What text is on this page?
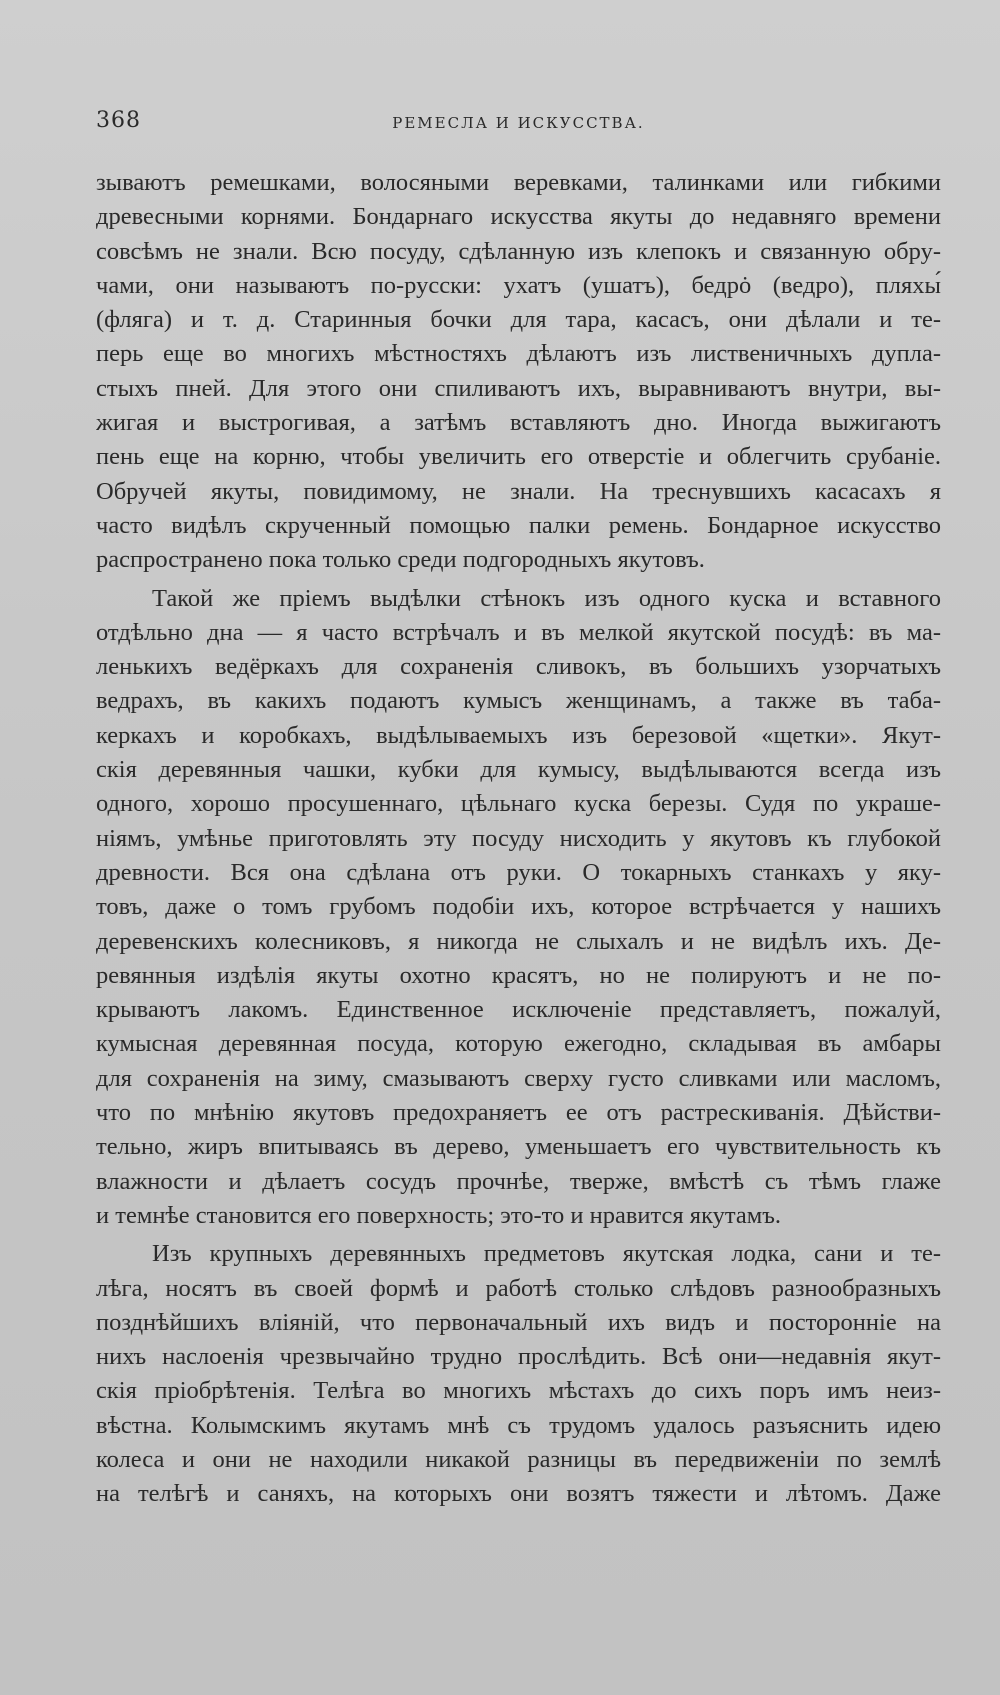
368	РЕМЕСЛА И ИСКУССТВА.
зываютъ ремешками, волосяными веревками, талинками или гибкими
древесными корнями. Бондарнаго искусства якуты до недавняго времени
совсѣмъ не знали. Всю посуду, сдѣланную изъ клепокъ и связанную обру-
чами, они называютъ по-русски: ухатъ (ушатъ), бедрȯ (ведро), пляхы́
(фляга) и т. д. Старинныя бочки для тара, касасъ, они дѣлали и те-
перь еще во многихъ мѣстностяхъ дѣлаютъ изъ лиственичныхъ дупла-
стыхъ пней. Для этого они спиливаютъ ихъ, выравниваютъ внутри, вы-
жигая и выстрогивая, а затѣмъ вставляютъ дно. Иногда выжигаютъ
пень еще на корню, чтобы увеличить его отверстіе и облегчить срубаніе.
Обручей якуты, повидимому, не знали. На треснувшихъ касасахъ я
часто видѣлъ скрученный помощью палки ремень. Бондарное искусство
распространено пока только среди подгородныхъ якутовъ.
Такой же пріемъ выдѣлки стѣнокъ изъ одного куска и вставного
отдѣльно дна — я часто встрѣчалъ и въ мелкой якутской посудѣ: въ ма-
ленькихъ ведёркахъ для сохраненія сливокъ, въ большихъ узорчатыхъ
ведрахъ, въ какихъ подаютъ кумысъ женщинамъ, а также въ таба-
керкахъ и коробкахъ, выдѣлываемыхъ изъ березовой «щетки». Якут-
скія деревянныя чашки, кубки для кумысу, выдѣлываются всегда изъ
одного, хорошо просушеннаго, цѣльнаго куска березы. Судя по украше-
ніямъ, умѣнье приготовлять эту посуду нисходить у якутовъ къ глубокой
древности. Вся она сдѣлана отъ руки. О токарныхъ станкахъ у яку-
товъ, даже о томъ грубомъ подобіи ихъ, которое встрѣчается у нашихъ
деревенскихъ колесниковъ, я никогда не слыхалъ и не видѣлъ ихъ. Де-
ревянныя издѣлія якуты охотно красятъ, но не полируютъ и не по-
крываютъ лакомъ. Единственное исключеніе представляетъ, пожалуй,
кумысная деревянная посуда, которую ежегодно, складывая въ амбары
для сохраненія на зиму, смазываютъ сверху густо сливками или масломъ,
что по мнѣнію якутовъ предохраняетъ ее отъ растрескиванія. Дѣйстви-
тельно, жиръ впитываясь въ дерево, уменьшаетъ его чувствительность къ
влажности и дѣлаетъ сосудъ прочнѣе, тверже, вмѣстѣ съ тѣмъ глаже
и темнѣе становится его поверхность; это-то и нравится якутамъ.
Изъ крупныхъ деревянныхъ предметовъ якутская лодка, сани и те-
лѣга, носятъ въ своей формѣ и работѣ столько слѣдовъ разнообразныхъ
позднѣйшихъ вліяній, что первоначальный ихъ видъ и посторонніе на
нихъ наслоенія чрезвычайно трудно прослѣдить. Всѣ они—недавнія якут-
скія пріобрѣтенія. Телѣга во многихъ мѣстахъ до сихъ поръ имъ неиз-
вѣстна. Колымскимъ якутамъ мнѣ съ трудомъ удалось разъяснить идею
колеса и они не находили никакой разницы въ передвиженіи по землѣ
на телѣгѣ и саняхъ, на которыхъ они возятъ тяжести и лѣтомъ. Даже
